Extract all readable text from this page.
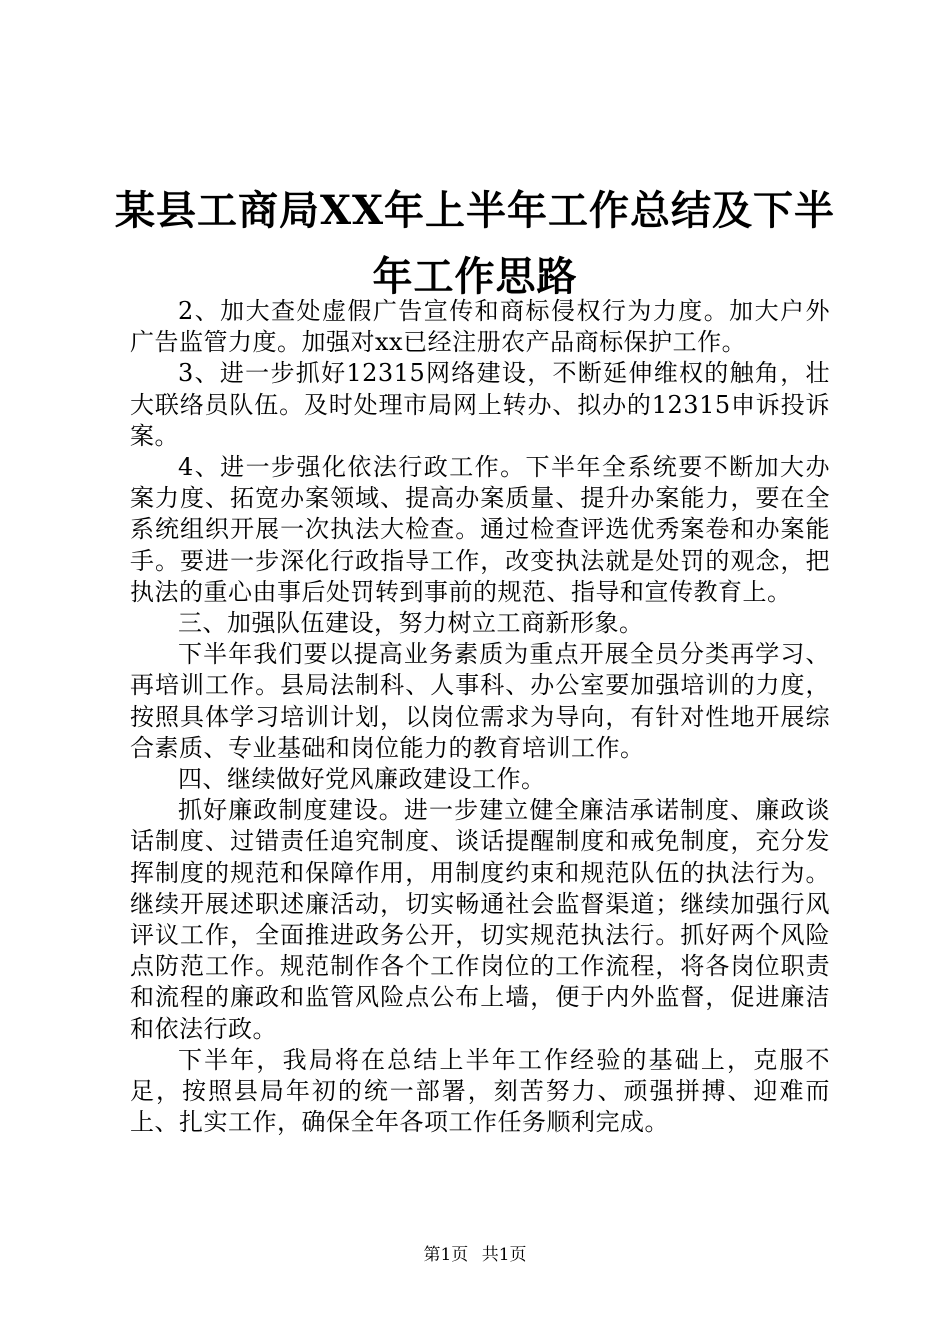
某县工商局XX年上半年工作总结及下半年工作思路

2、加大查处虚假广告宣传和商标侵权行为力度。加大户外广告监管力度。加强对xx已经注册农产品商标保护工作。

3、进一步抓好12315网络建设，不断延伸维权的触角，壮大联络员队伍。及时处理市局网上转办、拟办的12315申诉投诉案。

4、进一步强化依法行政工作。下半年全系统要不断加大办案力度、拓宽办案领域、提高办案质量、提升办案能力，要在全系统组织开展一次执法大检查。通过检查评选优秀案卷和办案能手。要进一步深化行政指导工作，改变执法就是处罚的观念，把执法的重心由事后处罚转到事前的规范、指导和宣传教育上。

三、加强队伍建设，努力树立工商新形象。

下半年我们要以提高业务素质为重点开展全员分类再学习、再培训工作。县局法制科、人事科、办公室要加强培训的力度，按照具体学习培训计划，以岗位需求为导向，有针对性地开展综合素质、专业基础和岗位能力的教育培训工作。

四、继续做好党风廉政建设工作。

抓好廉政制度建设。进一步建立健全廉洁承诺制度、廉政谈话制度、过错责任追究制度、谈话提醒制度和戒免制度，充分发挥制度的规范和保障作用，用制度约束和规范队伍的执法行为。继续开展述职述廉活动，切实畅通社会监督渠道；继续加强行风评议工作，全面推进政务公开，切实规范执法行。抓好两个风险点防范工作。规范制作各个工作岗位的工作流程，将各岗位职责和流程的廉政和监管风险点公布上墙，便于内外监督，促进廉洁和依法行政。

下半年，我局将在总结上半年工作经验的基础上，克服不足，按照县局年初的统一部署，刻苦努力、顽强拼搏、迎难而上、扎实工作，确保全年各项工作任务顺利完成。

第1页 共1页
